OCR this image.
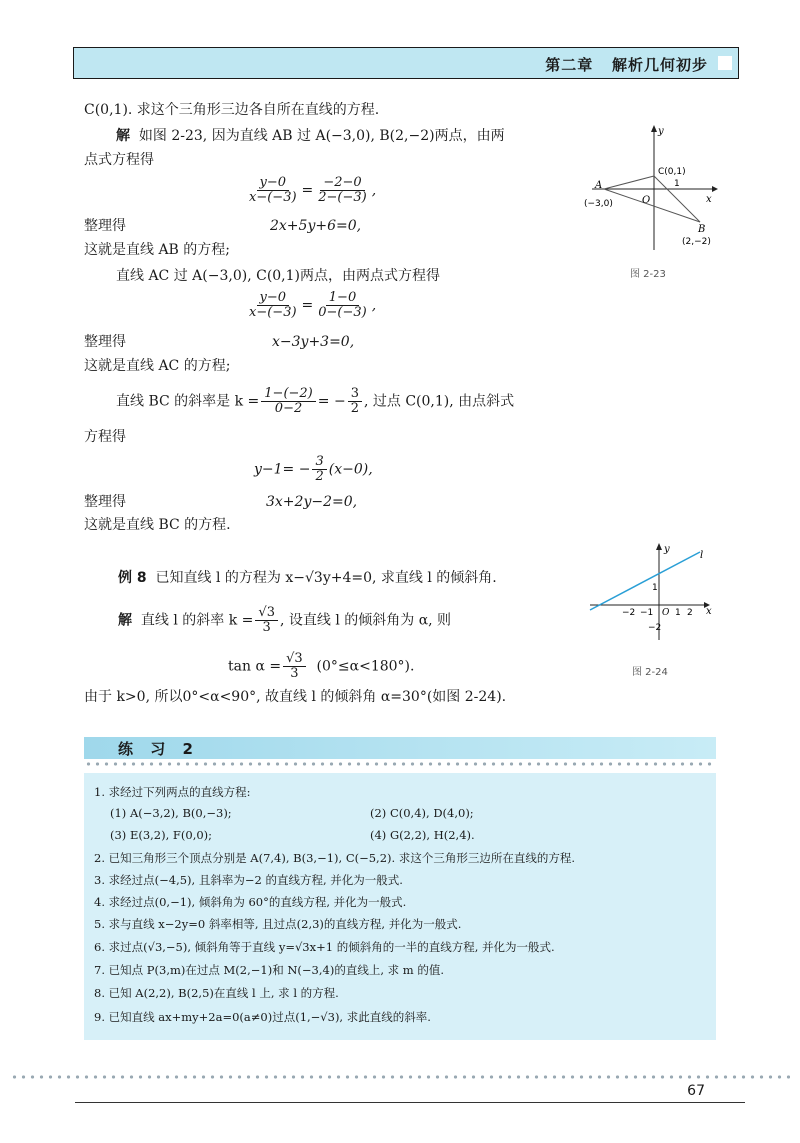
第二章 解析几何初步
C(0,1). 求这个三角形三边各自所在直线的方程.
解 如图 2-23, 因为直线 AB 过 A(−3,0), B(2,−2)两点，由两
点式方程得
$\frac{y-0}{x-(-3)} = \frac{-2-0}{2-(-3)}$ ,
整理得	2x+5y+6=0,
这就是直线 AB 的方程;
直线 AC 过 A(−3,0), C(0,1)两点，由两点式方程得
$\frac{y-0}{x-(-3)} = \frac{1-0}{0-(-3)}$ ,
整理得	x−3y+3=0,
这就是直线 AC 的方程;
直线 BC 的斜率是 $k = \frac{1-(-2)}{0-2}$ = − $\frac{3}{2}$ , 过点 C(0,1), 由点斜式
方程得
$y-1= - \frac{3}{2} (x-0)$,
整理得	3x+2y−2=0,
这就是直线 BC 的方程.
例 8 已知直线 l 的方程为 x−√3y+4=0, 求直线 l 的倾斜角.
解 直线 l 的斜率 $k = \frac{√3}{3}$ , 设直线 l 的倾斜角为 α, 则
$\tan \alpha = \frac{√3}{3} (0^\circ\le\alpha<180^\circ)$.
由于 k>0, 所以0°<α<90°, 故直线 l 的倾斜角 α=30°(如图 2-24).
y
x
O
A
(−3,0)
C(0,1)
1
B
(2,−2)
图 2-23
y
x
l
−2 −1 O 1 2
1
−2
图 2-24
练 习 2
1. 求经过下列两点的直线方程:
(1) A(−3,2), B(0,−3);	(2) C(0,4), D(4,0);
(3) E(3,2), F(0,0);	(4) G(2,2), H(2,4).
2. 已知三角形三个顶点分别是 A(7,4), B(3,−1), C(−5,2). 求这个三角形三边所在直线的方程.
3. 求经过点(−4,5), 且斜率为−2 的直线方程, 并化为一般式.
4. 求经过点(0,−1), 倾斜角为 60°的直线方程, 并化为一般式.
5. 求与直线 x−2y=0 斜率相等, 且过点(2,3)的直线方程, 并化为一般式.
6. 求过点(√3,−5), 倾斜角等于直线 y=√3x+1 的倾斜角的一半的直线方程, 并化为一般式.
7. 已知点 P(3,m)在过点 M(2,−1)和 N(−3,4)的直线上, 求 m 的值.
8. 已知 A(2,2), B(2,5)在直线 l 上, 求 l 的方程.
9. 已知直线 ax+my+2a=0(a≠0)过点(1,−√3), 求此直线的斜率.
67
